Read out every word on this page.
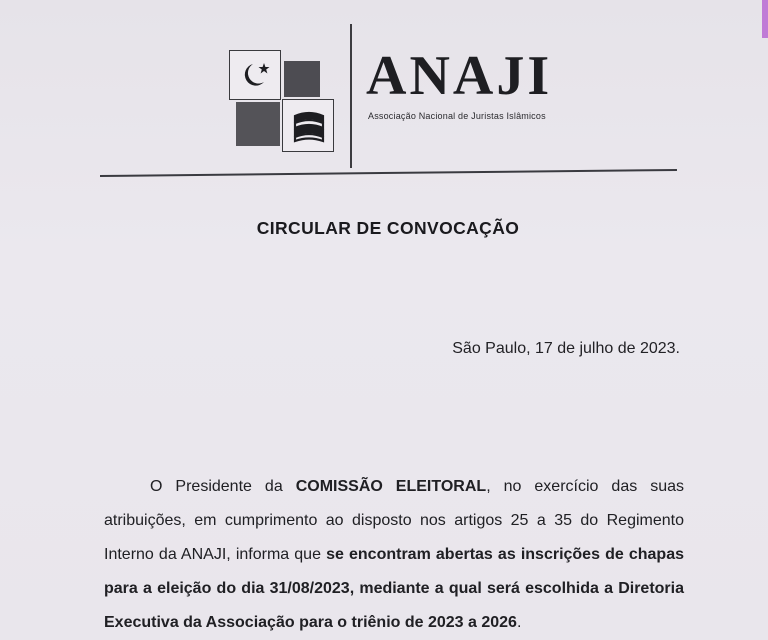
ANAJI
Associação Nacional de Juristas Islâmicos
CIRCULAR DE CONVOCAÇÃO
São Paulo, 17 de julho de 2023.

O Presidente da COMISSÃO ELEITORAL, no exercício das suas atribuições, em cumprimento ao disposto nos artigos 25 a 35 do Regimento Interno da ANAJI, informa que se encontram abertas as inscrições de chapas para a eleição do dia 31/08/2023, mediante a qual será escolhida a Diretoria Executiva da Associação para o triênio de 2023 a 2026.
